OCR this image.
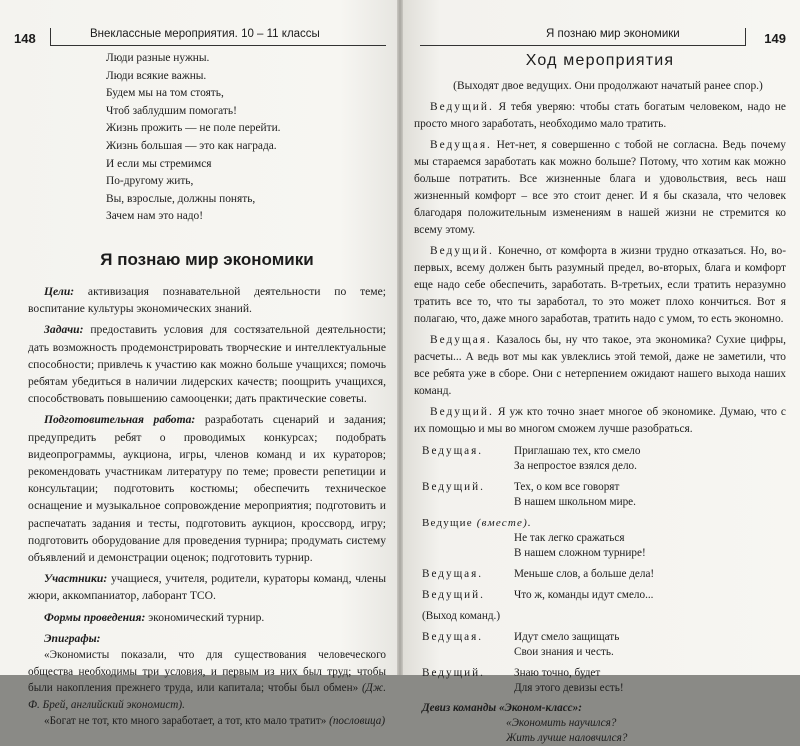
148	Внеклассные мероприятия. 10 – 11 классы
Люди разные нужны.
Люди всякие важны.
Будем мы на том стоять,
Чтоб заблудшим помогать!
Жизнь прожить — не поле перейти.
Жизнь большая — это как награда.
И если мы стремимся
По-другому жить,
Вы, взрослые, должны понять,
Зачем нам это надо!
Я познаю мир экономики

Цели: активизация познавательной деятельности по теме; воспитание культуры экономических знаний.

Задачи: предоставить условия для состязательной деятельности; дать возможность продемонстрировать творческие и интеллектуальные способности; привлечь к участию как можно больше учащихся; помочь ребятам убедиться в наличии лидерских качеств; поощрить учащихся, способствовать повышению самооценки; дать практические советы.

Подготовительная работа: разработать сценарий и задания; предупредить ребят о проводимых конкурсах; подобрать видеопрограммы, аукциона, игры, членов команд и их кураторов; рекомендовать участникам литературу по теме; провести репетиции и консультации; подготовить костюмы; обеспечить техническое оснащение и музыкальное сопровождение мероприятия; подготовить и распечатать задания и тесты, подготовить аукцион, кроссворд, игру; подготовить оборудование для проведения турнира; продумать систему объявлений и демонстрации оценок; подготовить турнир.

Участники: учащиеся, учителя, родители, кураторы команд, члены жюри, аккомпаниатор, лаборант ТСО.

Формы проведения: экономический турнир.

Эпиграфы:

«Экономисты показали, что для существования человеческого общества необходимы три условия, и первым из них был труд; чтобы были накопления прежнего труда, или капитала; чтобы был обмен» (Дж. Ф. Брей, английский экономист).

«Богат не тот, кто много заработает, а тот, кто мало тратит» (пословица)

Я познаю мир экономики	149
Ход мероприятия

(Выходят двое ведущих. Они продолжают начатый ранее спор.)

Ведущий. Я тебя уверяю: чтобы стать богатым человеком, надо не просто много заработать, необходимо мало тратить.

Ведущая. Нет-нет, я совершенно с тобой не согласна. Ведь почему мы стараемся заработать как можно больше? Потому, что хотим как можно больше потратить. Все жизненные блага и удовольствия, весь наш жизненный комфорт – все это стоит денег. И я бы сказала, что человек благодаря положительным изменениям в нашей жизни не стремится ко всему этому.

Ведущий. Конечно, от комфорта в жизни трудно отказаться. Но, во-первых, всему должен быть разумный предел, во-вторых, блага и комфорт еще надо себе обеспечить, заработать. В-третьих, если тратить неразумно тратить все то, что ты заработал, то это может плохо кончиться. Вот я полагаю, что, даже много заработав, тратить надо с умом, то есть экономно.

Ведущая. Казалось бы, ну что такое, эта экономика? Сухие цифры, расчеты... А ведь вот мы как увлеклись этой темой, даже не заметили, что все ребята уже в сборе. Они с нетерпением ожидают нашего выхода наших команд.

Ведущий. Я уж кто точно знает многое об экономике. Думаю, что с их помощью и мы во многом сможем лучше разобраться.

Ведущая.	Приглашаю тех, кто смело
За непростое взялся дело.
Ведущий.	Тех, о ком все говорят
В нашем школьном мире.
Ведущие (вместе).
Не так легко сражаться
В нашем сложном турнире!
Ведущая.	Меньше слов, а больше дела!
Ведущий.	Что ж, команды идут смело...
(Выход команд.)
Ведущая.	Идут смело защищать
Свои знания и честь.
Ведущий.	Знаю точно, будет
Для этого девизы есть!
Девиз команды «Эконом-класс»:
«Экономить научился?
Жить лучше наловчился?
